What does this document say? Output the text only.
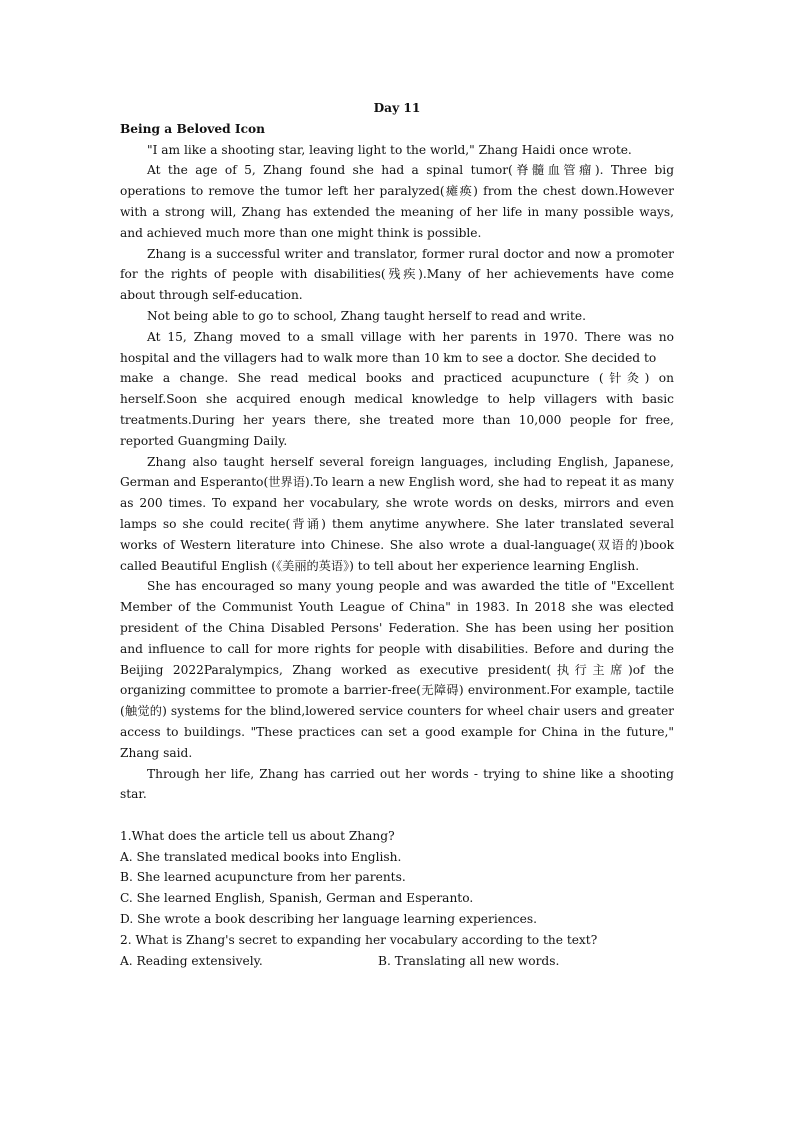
Day 11

Being a Beloved Icon

"I am like a shooting star, leaving light to the world," Zhang Haidi once wrote.

At the age of 5, Zhang found she had a spinal tumor(脊髓血管瘤). Three big operations to remove the tumor left her paralyzed(瘫痪) from the chest down.However with a strong will, Zhang has extended the meaning of her life in many possible ways, and achieved much more than one might think is possible.

Zhang is a successful writer and translator, former rural doctor and now a promoter for the rights of people with disabilities(残疾).Many of her achievements have come about through self-education.

Not being able to go to school, Zhang taught herself to read and write.

At 15, Zhang moved to a small village with her parents in 1970. There was no hospital and the villagers had to walk more than 10 km to see a doctor. She decided to

make a change. She read medical books and practiced acupuncture (针灸) on herself.Soon she acquired enough medical knowledge to help villagers with basic treatments.During her years there, she treated more than 10,000 people for free, reported Guangming Daily.

Zhang also taught herself several foreign languages, including English, Japanese, German and Esperanto(世界语).To learn a new English word, she had to repeat it as many as 200 times. To expand her vocabulary, she wrote words on desks, mirrors and even lamps so she could recite(背诵) them anytime anywhere. She later translated several works of Western literature into Chinese. She also wrote a dual-language(双语的)book called Beautiful English (《美丽的英语》) to tell about her experience learning English.

She has encouraged so many young people and was awarded the title of "Excellent Member of the Communist Youth League of China" in 1983. In 2018 she was elected president of the China Disabled Persons' Federation. She has been using her position and influence to call for more rights for people with disabilities. Before and during the Beijing 2022Paralympics, Zhang worked as executive president(执行主席)of the organizing committee to promote a barrier-free(无障碍) environment.For example, tactile (触觉的) systems for the blind,lowered service counters for wheel chair users and greater access to buildings. "These practices can set a good example for China in the future," Zhang said.

Through her life, Zhang has carried out her words - trying to shine like a shooting star.

1.What does the article tell us about Zhang?

A. She translated medical books into English.

B. She learned acupuncture from her parents.

C. She learned English, Spanish, German and Esperanto.

D. She wrote a book describing her language learning experiences.

2. What is Zhang's secret to expanding her vocabulary according to the text?

A. Reading extensively.	B. Translating all new words.
